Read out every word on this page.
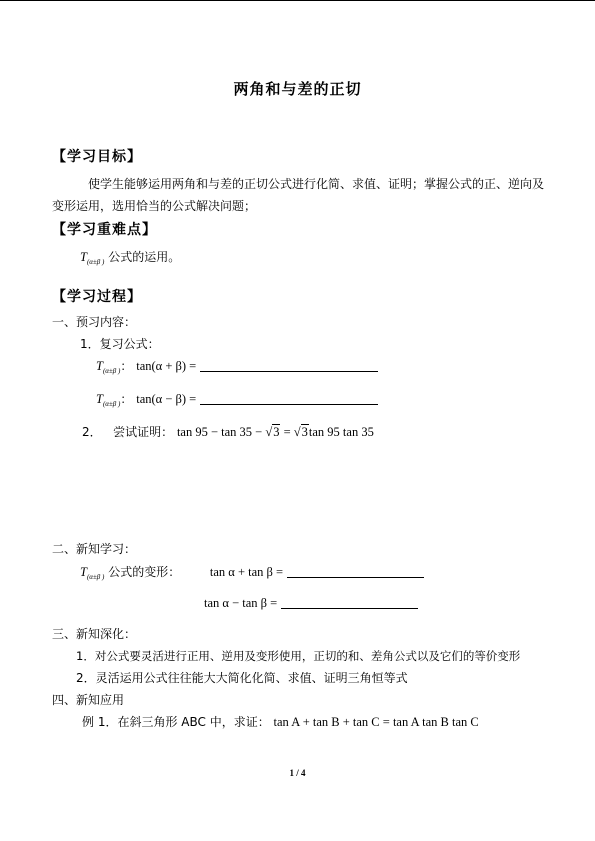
两角和与差的正切
【学习目标】
使学生能够运用两角和与差的正切公式进行化简、求值、证明；掌握公式的正、逆向及
变形运用，选用恰当的公式解决问题；
【学习重难点】
$T_{(\alpha\pm\beta )}$ 公式的运用。
【学习过程】
一、预习内容：
1．复习公式：
$T_{(\alpha\pm\beta )}$： tan(α + β) =
$T_{(\alpha\pm\beta )}$： tan(α − β) =
2． 尝试证明： tan 95 − tan 35 − √3 = √3tan 95 tan 35
二、新知学习：
$T_{(\alpha\pm\beta )}$ 公式的变形： tan α + tan β =
tan α − tan β =
三、新知深化：
1．对公式要灵活进行正用、逆用及变形使用，正切的和、差角公式以及它们的等价变形
2．灵活运用公式往往能大大简化化简、求值、证明三角恒等式
四、新知应用
例 1．在斜三角形 ABC 中，求证： tan A + tan B + tan C = tan A tan B tan C
1 / 4
